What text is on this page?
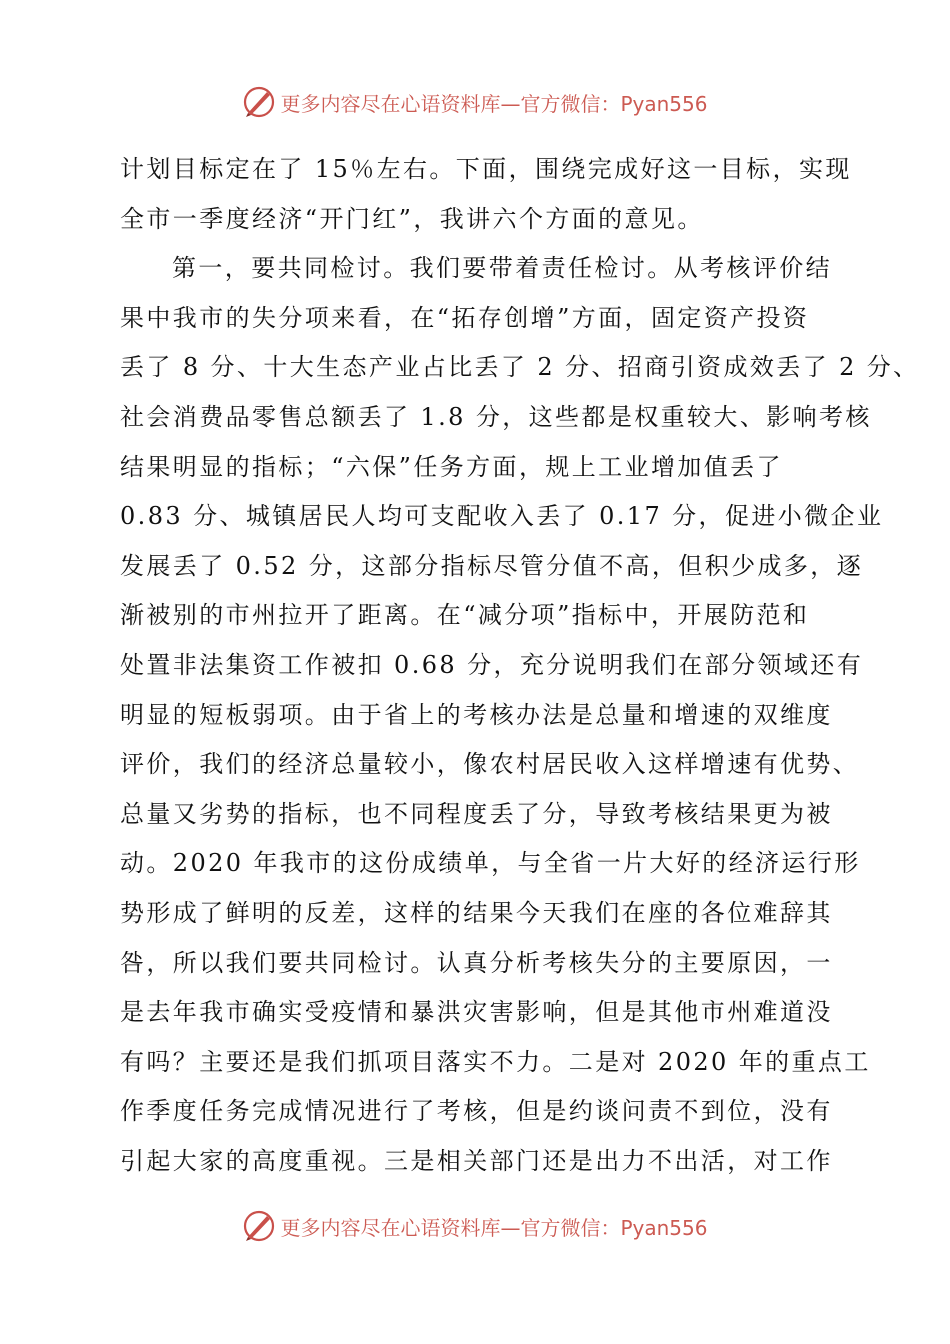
更多内容尽在心语资料库—官方微信：Pyan556
计划目标定在了 15％左右。下面，围绕完成好这一目标，实现
全市一季度经济“开门红”，我讲六个方面的意见。
第一，要共同检讨。我们要带着责任检讨。从考核评价结
果中我市的失分项来看，在“拓存创增”方面，固定资产投资
丢了 8 分、十大生态产业占比丢了 2 分、招商引资成效丢了 2 分、
社会消费品零售总额丢了 1.8 分，这些都是权重较大、影响考核
结果明显的指标；“六保”任务方面，规上工业增加值丢了
0.83 分、城镇居民人均可支配收入丢了 0.17 分，促进小微企业
发展丢了 0.52 分，这部分指标尽管分值不高，但积少成多，逐
渐被别的市州拉开了距离。在“减分项”指标中，开展防范和
处置非法集资工作被扣 0.68 分，充分说明我们在部分领域还有
明显的短板弱项。由于省上的考核办法是总量和增速的双维度
评价，我们的经济总量较小，像农村居民收入这样增速有优势、
总量又劣势的指标，也不同程度丢了分，导致考核结果更为被
动。2020 年我市的这份成绩单，与全省一片大好的经济运行形
势形成了鲜明的反差，这样的结果今天我们在座的各位难辞其
咎，所以我们要共同检讨。认真分析考核失分的主要原因，一
是去年我市确实受疫情和暴洪灾害影响，但是其他市州难道没
有吗？主要还是我们抓项目落实不力。二是对 2020 年的重点工
作季度任务完成情况进行了考核，但是约谈问责不到位，没有
引起大家的高度重视。三是相关部门还是出力不出活，对工作
更多内容尽在心语资料库—官方微信：Pyan556
